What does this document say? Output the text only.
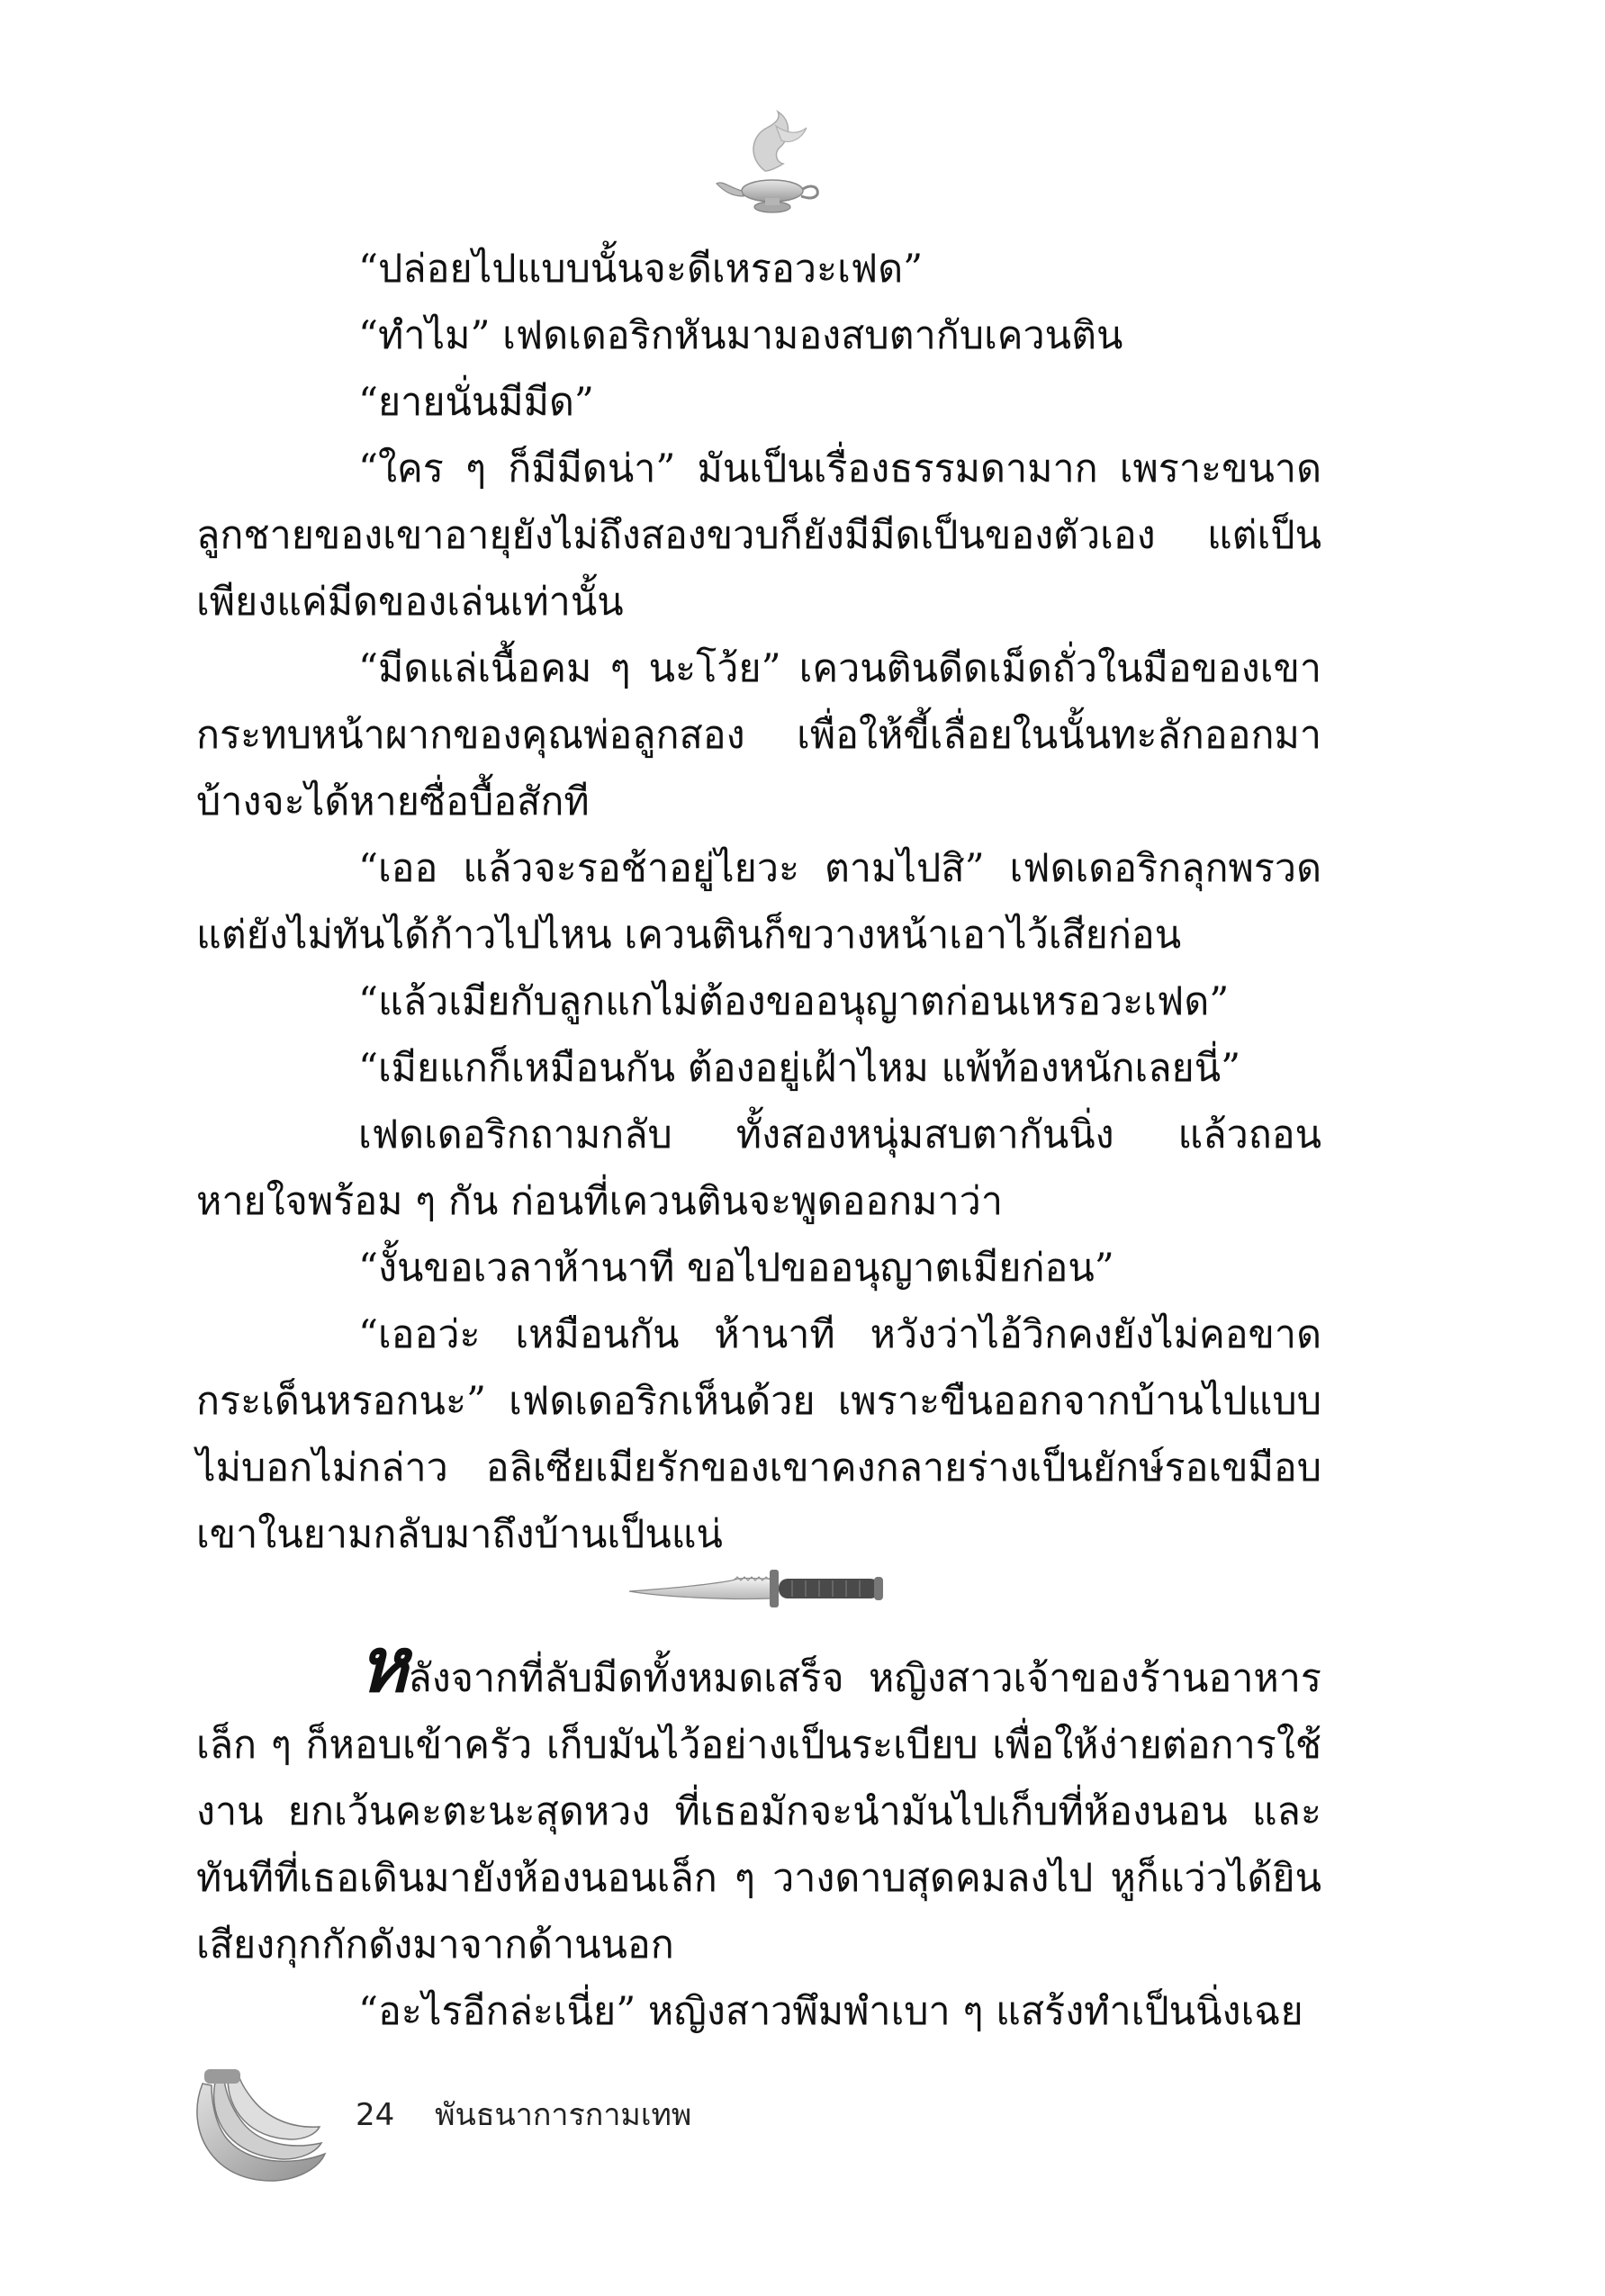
“ปล่อยไปแบบนั้นจะดีเหรอวะเฟด”

“ทำไม” เฟดเดอริกหันมามองสบตากับเควนติน

“ยายนั่นมีมีด”

“ใคร ๆ ก็มีมีดน่า” มันเป็นเรื่องธรรมดามาก เพราะขนาดลูกชายของเขาอายุยังไม่ถึงสองขวบก็ยังมีมีดเป็นของตัวเอง แต่เป็นเพียงแค่มีดของเล่นเท่านั้น

“มีดแล่เนื้อคม ๆ นะโว้ย” เควนตินดีดเม็ดถั่วในมือของเขากระทบหน้าผากของคุณพ่อลูกสอง เพื่อให้ขี้เลื่อยในนั้นทะลักออกมาบ้างจะได้หายซื่อบื้อสักที

“เออ แล้วจะรอช้าอยู่ไยวะ ตามไปสิ” เฟดเดอริกลุกพรวด แต่ยังไม่ทันได้ก้าวไปไหน เควนตินก็ขวางหน้าเอาไว้เสียก่อน

“แล้วเมียกับลูกแกไม่ต้องขออนุญาตก่อนเหรอวะเฟด”

“เมียแกก็เหมือนกัน ต้องอยู่เฝ้าไหม แพ้ท้องหนักเลยนี่”

เฟดเดอริกถามกลับ ทั้งสองหนุ่มสบตากันนิ่ง แล้วถอนหายใจพร้อม ๆ กัน ก่อนที่เควนตินจะพูดออกมาว่า

“งั้นขอเวลาห้านาที ขอไปขออนุญาตเมียก่อน”

“เออว่ะ เหมือนกัน ห้านาที หวังว่าไอ้วิกคงยังไม่คอขาดกระเด็นหรอกนะ” เฟดเดอริกเห็นด้วย เพราะขืนออกจากบ้านไปแบบไม่บอกไม่กล่าว อลิเซียเมียรักของเขาคงกลายร่างเป็นยักษ์รอเขมือบเขาในยามกลับมาถึงบ้านเป็นแน่

หลังจากที่ลับมีดทั้งหมดเสร็จ หญิงสาวเจ้าของร้านอาหารเล็ก ๆ ก็หอบเข้าครัว เก็บมันไว้อย่างเป็นระเบียบ เพื่อให้ง่ายต่อการใช้งาน ยกเว้นคะตะนะสุดหวง ที่เธอมักจะนำมันไปเก็บที่ห้องนอน และทันทีที่เธอเดินมายังห้องนอนเล็ก ๆ วางดาบสุดคมลงไป หูก็แว่วได้ยินเสียงกุกกักดังมาจากด้านนอก

“อะไรอีกล่ะเนี่ย” หญิงสาวพึมพำเบา ๆ แสร้งทำเป็นนิ่งเฉย

24 พันธนาการกามเทพ
